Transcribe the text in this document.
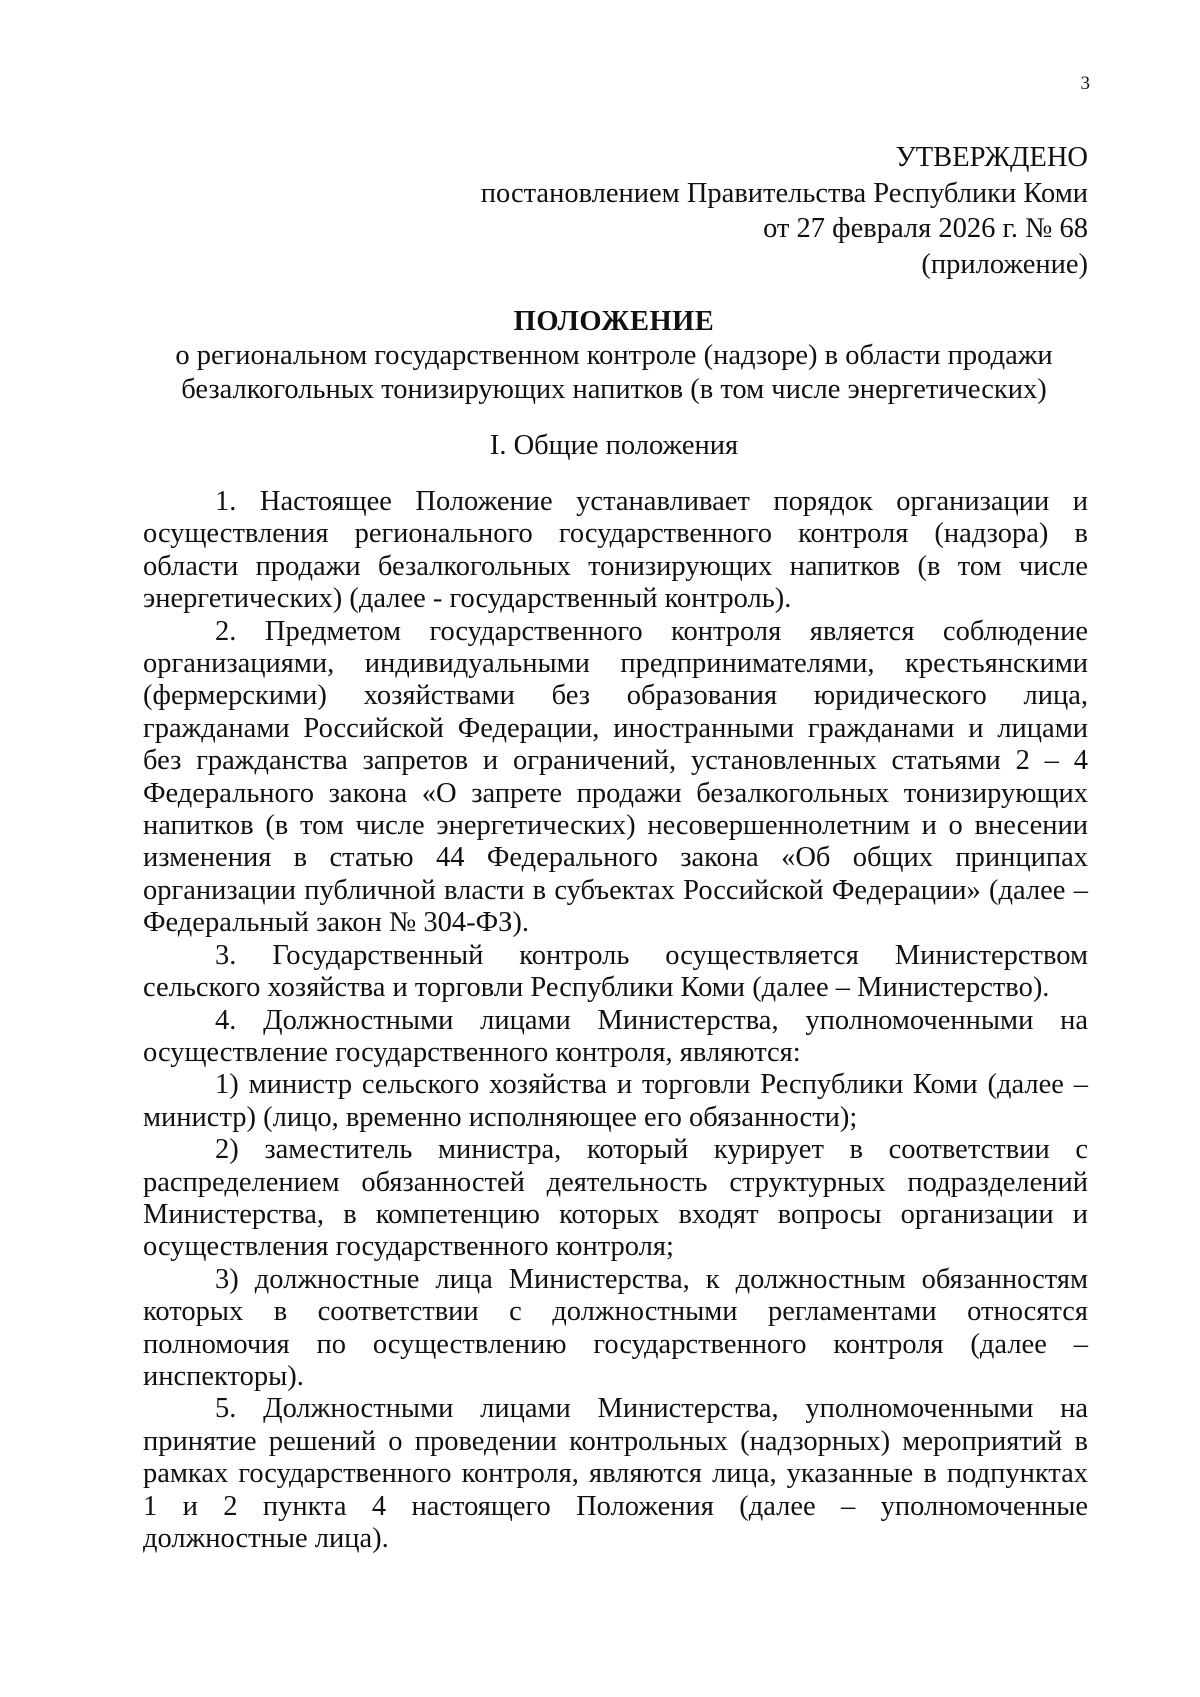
3
УТВЕРЖДЕНО
постановлением Правительства Республики Коми
от 27 февраля 2026 г. № 68
(приложение)
ПОЛОЖЕНИЕ
о региональном государственном контроле (надзоре) в области продажи
безалкогольных тонизирующих напитков (в том числе энергетических)
I. Общие положения

1. Настоящее Положение устанавливает порядок организации и осуществления регионального государственного контроля (надзора) в области продажи безалкогольных тонизирующих напитков (в том числе энергетических) (далее - государственный контроль).

2. Предметом государственного контроля является соблюдение организациями, индивидуальными предпринимателями, крестьянскими (фермерскими) хозяйствами без образования юридического лица, гражданами Российской Федерации, иностранными гражданами и лицами без гражданства запретов и ограничений, установленных статьями 2 – 4 Федерального закона «О запрете продажи безалкогольных тонизирующих напитков (в том числе энергетических) несовершеннолетним и о внесении изменения в статью 44 Федерального закона «Об общих принципах организации публичной власти в субъектах Российской Федерации» (далее – Федеральный закон № 304-ФЗ).

3. Государственный контроль осуществляется Министерством сельского хозяйства и торговли Республики Коми (далее – Министерство).

4. Должностными лицами Министерства, уполномоченными на осуществление государственного контроля, являются:

1) министр сельского хозяйства и торговли Республики Коми (далее – министр) (лицо, временно исполняющее его обязанности);

2) заместитель министра, который курирует в соответствии с распределением обязанностей деятельность структурных подразделений Министерства, в компетенцию которых входят вопросы организации и осуществления государственного контроля;

3) должностные лица Министерства, к должностным обязанностям которых в соответствии с должностными регламентами относятся полномочия по осуществлению государственного контроля (далее – инспекторы).

5. Должностными лицами Министерства, уполномоченными на принятие решений о проведении контрольных (надзорных) мероприятий в рамках государственного контроля, являются лица, указанные в подпунктах 1 и 2 пункта 4 настоящего Положения (далее – уполномоченные должностные лица).
